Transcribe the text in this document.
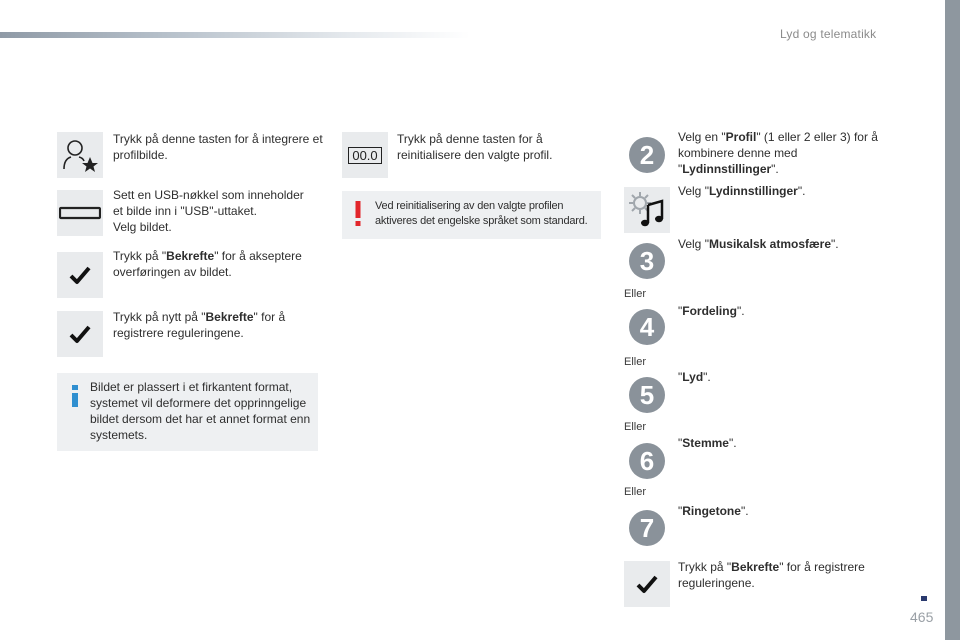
Lyd og telematikk
Trykk på denne tasten for å integrere et profilbilde.
Sett en USB-nøkkel som inneholder
et bilde inn i "USB"-uttaket.
Velg bildet.
Trykk på "Bekrefte" for å akseptere overføringen av bildet.
Trykk på nytt på "Bekrefte" for å registrere reguleringene.
Bildet er plassert i et firkantent format, systemet vil deformere det opprinngelige bildet dersom det har et annet format enn systemets.
00.0
Trykk på denne tasten for å reinitialisere den valgte profil.
Ved reinitialisering av den valgte profilen aktiveres det engelske språket som standard.
2
Velg en "Profil" (1 eller 2 eller 3) for å kombinere denne med "Lydinnstillinger".
Velg "Lydinnstillinger".
3
Velg "Musikalsk atmosfære".
Eller
4
"Fordeling".
Eller
5
"Lyd".
Eller
6
"Stemme".
Eller
7
"Ringetone".
Trykk på "Bekrefte" for å registrere reguleringene.
465
